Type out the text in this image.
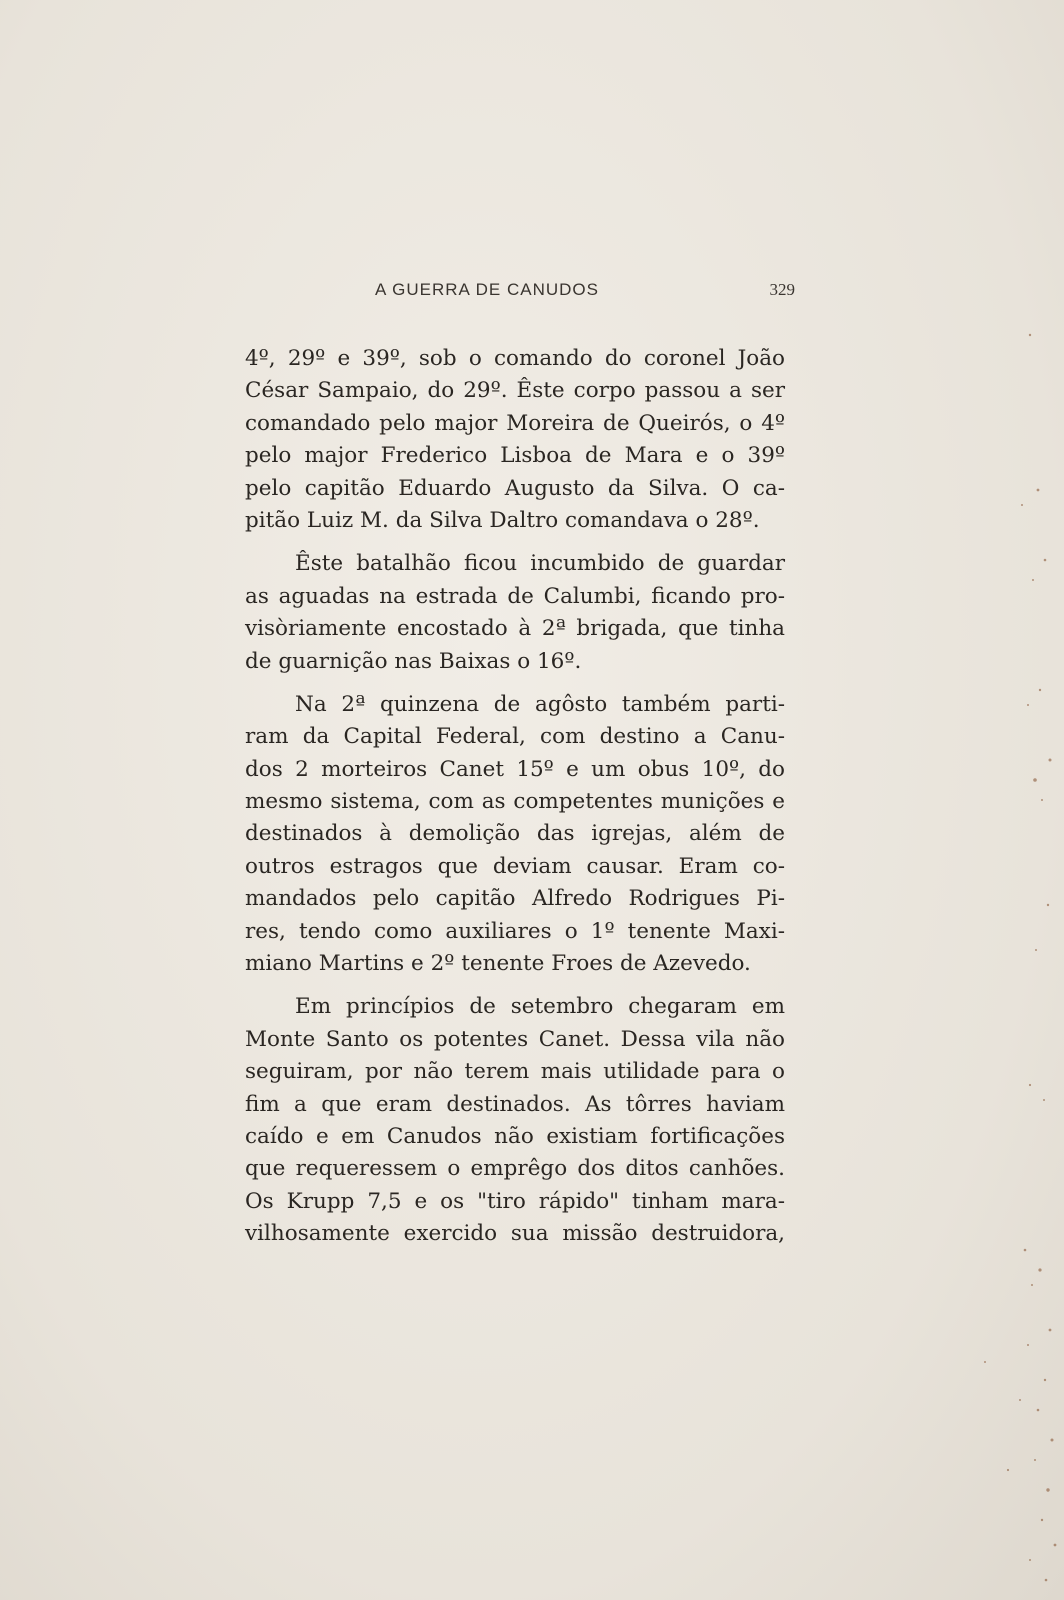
A GUERRA DE CANUDOS	329
4º, 29º e 39º, sob o comando do coronel João
César Sampaio, do 29º. Êste corpo passou a ser
comandado pelo major Moreira de Queirós, o 4º
pelo major Frederico Lisboa de Mara e o 39º
pelo capitão Eduardo Augusto da Silva. O ca-
pitão Luiz M. da Silva Daltro comandava o 28º.
Êste batalhão ficou incumbido de guardar
as aguadas na estrada de Calumbi, ficando pro-
visòriamente encostado à 2ª brigada, que tinha
de guarnição nas Baixas o 16º.
Na 2ª quinzena de agôsto também parti-
ram da Capital Federal, com destino a Canu-
dos 2 morteiros Canet 15º e um obus 10º, do
mesmo sistema, com as competentes munições e
destinados à demolição das igrejas, além de
outros estragos que deviam causar. Eram co-
mandados pelo capitão Alfredo Rodrigues Pi-
res, tendo como auxiliares o 1º tenente Maxi-
miano Martins e 2º tenente Froes de Azevedo.
Em princípios de setembro chegaram em
Monte Santo os potentes Canet. Dessa vila não
seguiram, por não terem mais utilidade para o
fim a que eram destinados. As tôrres haviam
caído e em Canudos não existiam fortificações
que requeressem o emprêgo dos ditos canhões.
Os Krupp 7,5 e os "tiro rápido" tinham mara-
vilhosamente exercido sua missão destruidora,
